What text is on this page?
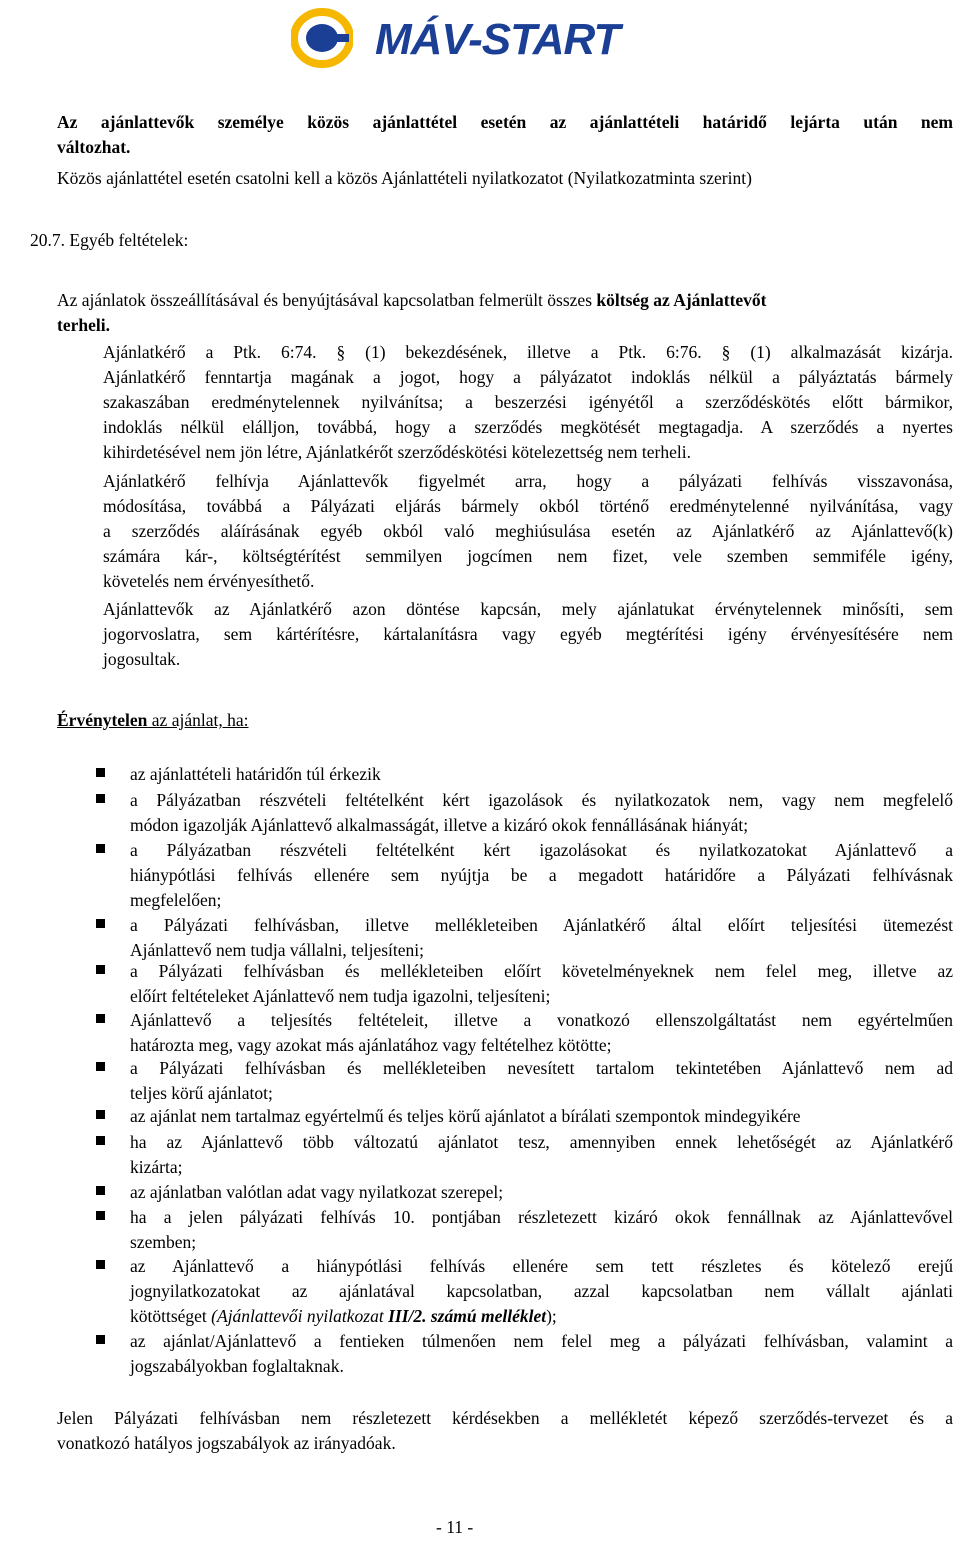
MÁV-START

Az ajánlattevők személye közös ajánlattétel esetén az ajánlattételi határidő lejárta után nem

változhat.

Közös ajánlattétel esetén csatolni kell a közös Ajánlattételi nyilatkozatot (Nyilatkozatminta szerint)

20.7. Egyéb feltételek:

Az ajánlatok összeállításával és benyújtásával kapcsolatban felmerült összes költség az Ajánlattevőt

terheli.

Ajánlatkérő a Ptk. 6:74. § (1) bekezdésének, illetve a Ptk. 6:76. § (1) alkalmazását kizárja.

Ajánlatkérő fenntartja magának a jogot, hogy a pályázatot indoklás nélkül a pályáztatás bármely

szakaszában eredménytelennek nyilvánítsa; a beszerzési igényétől a szerződéskötés előtt bármikor,

indoklás nélkül elálljon, továbbá, hogy a szerződés megkötését megtagadja. A szerződés a nyertes

kihirdetésével nem jön létre, Ajánlatkérőt szerződéskötési kötelezettség nem terheli.

Ajánlatkérő felhívja Ajánlattevők figyelmét arra, hogy a pályázati felhívás visszavonása,

módosítása, továbbá a Pályázati eljárás bármely okból történő eredménytelenné nyilvánítása, vagy

a szerződés aláírásának egyéb okból való meghiúsulása esetén az Ajánlatkérő az Ajánlattevő(k)

számára kár-, költségtérítést semmilyen jogcímen nem fizet, vele szemben semmiféle igény,

követelés nem érvényesíthető.

Ajánlattevők az Ajánlatkérő azon döntése kapcsán, mely ajánlatukat érvénytelennek minősíti, sem

jogorvoslatra, sem kártérítésre, kártalanításra vagy egyéb megtérítési igény érvényesítésére nem

jogosultak.

Érvénytelen az ajánlat, ha:

az ajánlattételi határidőn túl érkezik

a Pályázatban részvételi feltételként kért igazolások és nyilatkozatok nem, vagy nem megfelelő

módon igazolják Ajánlattevő alkalmasságát, illetve a kizáró okok fennállásának hiányát;

a Pályázatban részvételi feltételként kért igazolásokat és nyilatkozatokat Ajánlattevő a

hiánypótlási felhívás ellenére sem nyújtja be a megadott határidőre a Pályázati felhívásnak

megfelelően;

a Pályázati felhívásban, illetve mellékleteiben Ajánlatkérő által előírt teljesítési ütemezést

Ajánlattevő nem tudja vállalni, teljesíteni;

a Pályázati felhívásban és mellékleteiben előírt követelményeknek nem felel meg, illetve az

előírt feltételeket Ajánlattevő nem tudja igazolni, teljesíteni;

Ajánlattevő a teljesítés feltételeit, illetve a vonatkozó ellenszolgáltatást nem egyértelműen

határozta meg, vagy azokat más ajánlatához vagy feltételhez kötötte;

a Pályázati felhívásban és mellékleteiben nevesített tartalom tekintetében Ajánlattevő nem ad

teljes körű ajánlatot;

az ajánlat nem tartalmaz egyértelmű és teljes körű ajánlatot a bírálati szempontok mindegyikére

ha az Ajánlattevő több változatú ajánlatot tesz, amennyiben ennek lehetőségét az Ajánlatkérő

kizárta;

az ajánlatban valótlan adat vagy nyilatkozat szerepel;

ha a jelen pályázati felhívás 10. pontjában részletezett kizáró okok fennállnak az Ajánlattevővel

szemben;

az Ajánlattevő a hiánypótlási felhívás ellenére sem tett részletes és kötelező erejű

jognyilatkozatokat az ajánlatával kapcsolatban, azzal kapcsolatban nem vállalt ajánlati

kötöttséget (Ajánlattevői nyilatkozat III/2. számú melléklet);

az ajánlat/Ajánlattevő a fentieken túlmenően nem felel meg a pályázati felhívásban, valamint a

jogszabályokban foglaltaknak.

Jelen Pályázati felhívásban nem részletezett kérdésekben a mellékletét képező szerződés-tervezet és a

vonatkozó hatályos jogszabályok az irányadóak.

- 11 -
